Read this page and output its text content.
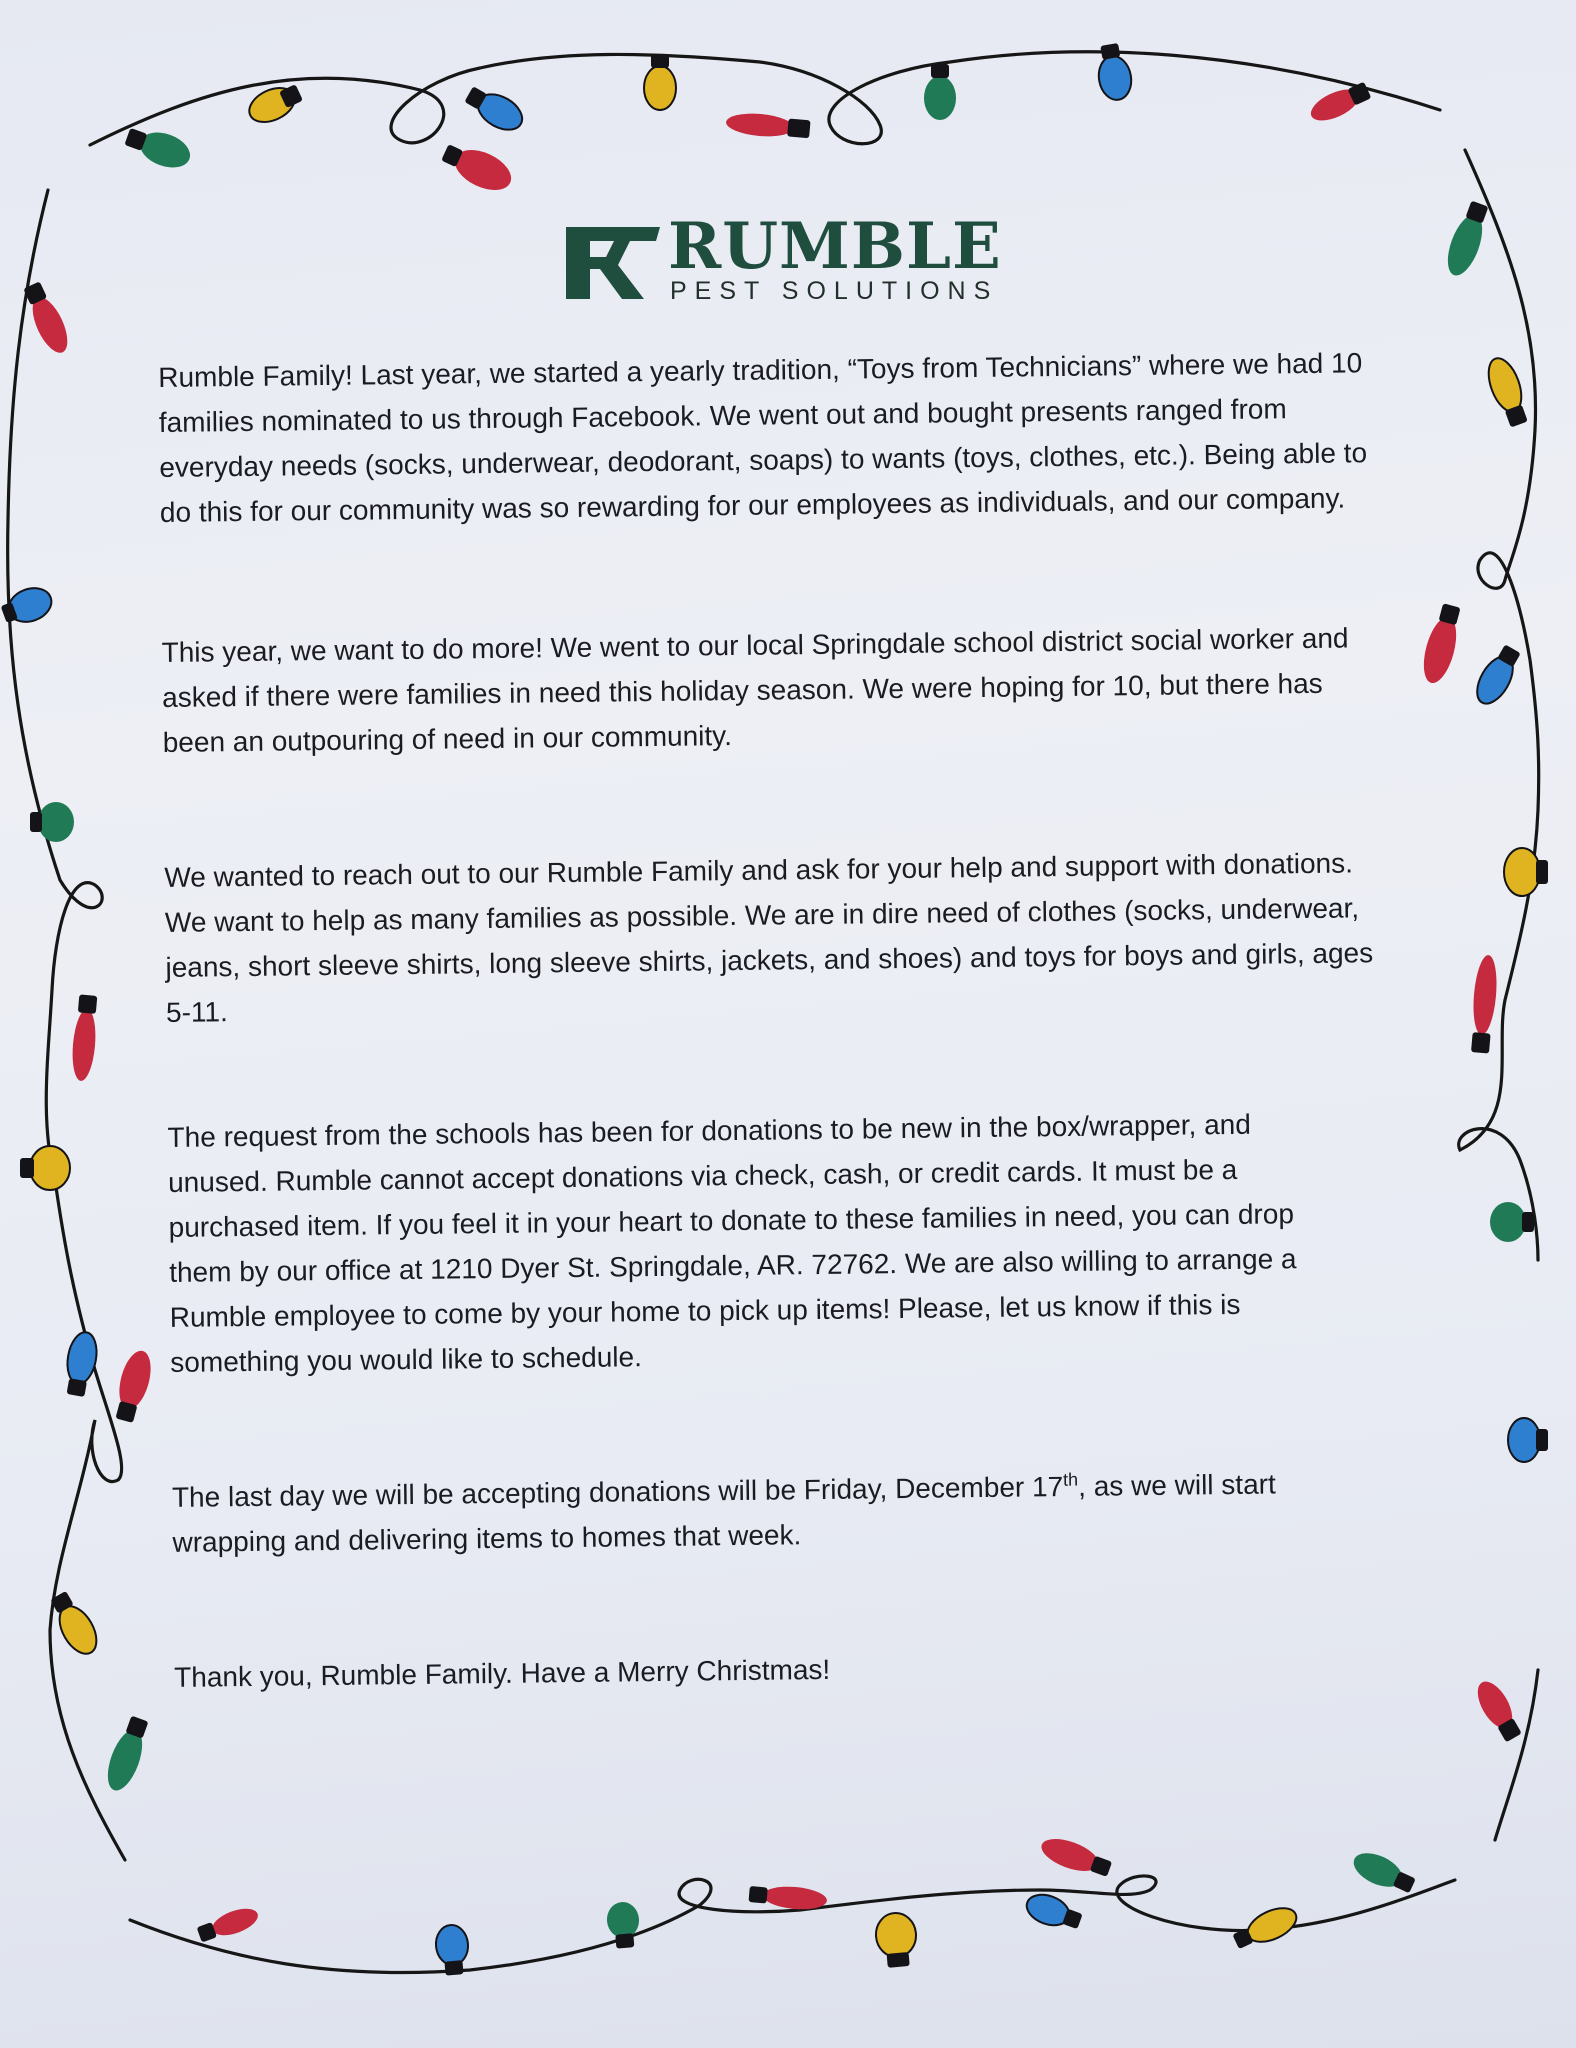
RUMBLE
PEST SOLUTIONS

Rumble Family! Last year, we started a yearly tradition, “Toys from Technicians” where we had 10 families nominated to us through Facebook. We went out and bought presents ranged from everyday needs (socks, underwear, deodorant, soaps) to wants (toys, clothes, etc.). Being able to do this for our community was so rewarding for our employees as individuals, and our company.

This year, we want to do more! We went to our local Springdale school district social worker and asked if there were families in need this holiday season. We were hoping for 10, but there has been an outpouring of need in our community.

We wanted to reach out to our Rumble Family and ask for your help and support with donations. We want to help as many families as possible. We are in dire need of clothes (socks, underwear, jeans, short sleeve shirts, long sleeve shirts, jackets, and shoes) and toys for boys and girls, ages 5-11.

The request from the schools has been for donations to be new in the box/wrapper, and unused. Rumble cannot accept donations via check, cash, or credit cards. It must be a purchased item. If you feel it in your heart to donate to these families in need, you can drop them by our office at 1210 Dyer St. Springdale, AR. 72762. We are also willing to arrange a Rumble employee to come by your home to pick up items! Please, let us know if this is something you would like to schedule.

The last day we will be accepting donations will be Friday, December 17th, as we will start wrapping and delivering items to homes that week.

Thank you, Rumble Family. Have a Merry Christmas!
